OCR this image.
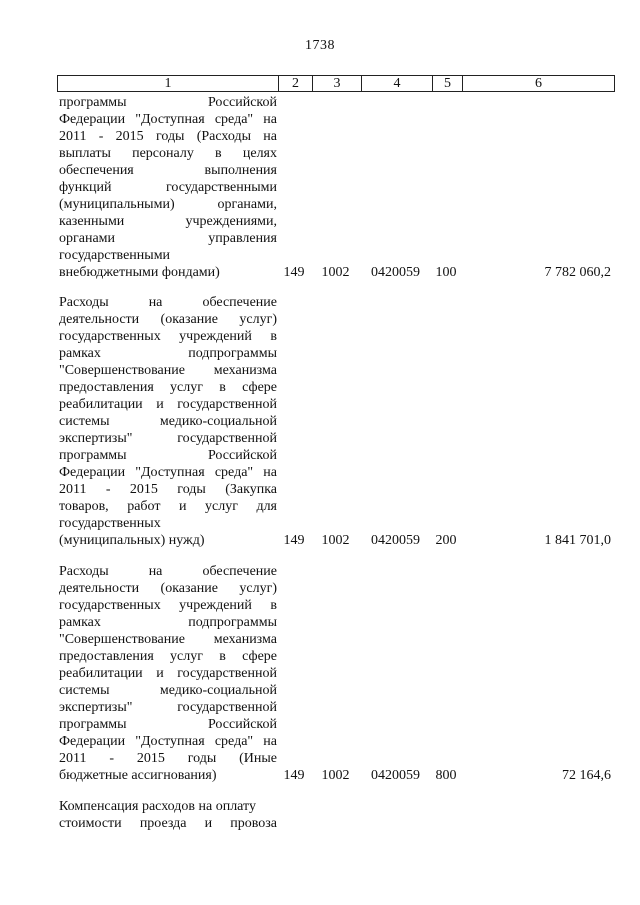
1738
1	2	3	4	5	6
программы Российской
Федерации "Доступная среда" на
2011 - 2015 годы (Расходы на
выплаты персоналу в целях
обеспечения выполнения
функций государственными
(муниципальными) органами,
казенными учреждениями,
органами управления
государственными
внебюджетными фондами)	149	1002	0420059	100	7 782 060,2
Расходы на обеспечение
деятельности (оказание услуг)
государственных учреждений в
рамках подпрограммы
"Совершенствование механизма
предоставления услуг в сфере
реабилитации и государственной
системы медико-социальной
экспертизы" государственной
программы Российской
Федерации "Доступная среда" на
2011 - 2015 годы (Закупка
товаров, работ и услуг для
государственных
(муниципальных) нужд)	149	1002	0420059	200	1 841 701,0
Расходы на обеспечение
деятельности (оказание услуг)
государственных учреждений в
рамках подпрограммы
"Совершенствование механизма
предоставления услуг в сфере
реабилитации и государственной
системы медико-социальной
экспертизы" государственной
программы Российской
Федерации "Доступная среда" на
2011 - 2015 годы (Иные
бюджетные ассигнования)	149	1002	0420059	800	72 164,6
Компенсация расходов на оплату
стоимости проезда и провоза
